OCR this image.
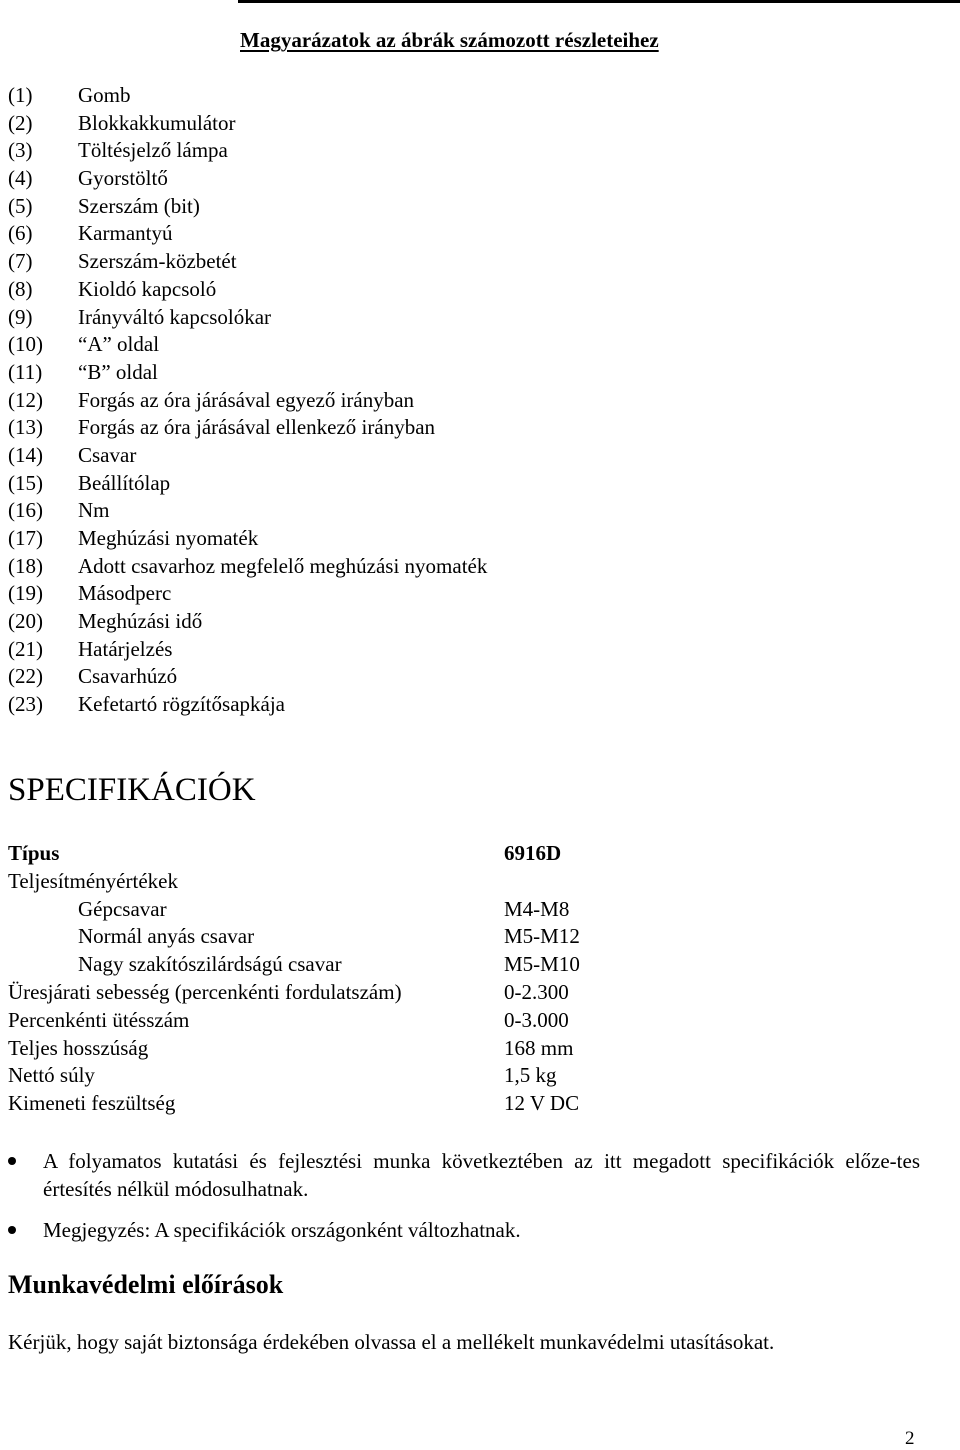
Magyarázatok az ábrák számozott részleteihez
(1) Gomb
(2) Blokkakkumulátor
(3) Töltésjelző lámpa
(4) Gyorstöltő
(5) Szerszám (bit)
(6) Karmantyú
(7) Szerszám-közbetét
(8) Kioldó kapcsoló
(9) Irányváltó kapcsolókar
(10) “A” oldal
(11) “B” oldal
(12) Forgás az óra járásával egyező irányban
(13) Forgás az óra járásával ellenkező irányban
(14) Csavar
(15) Beállítólap
(16) Nm
(17) Meghúzási nyomaték
(18) Adott csavarhoz megfelelő meghúzási nyomaték
(19) Másodperc
(20) Meghúzási idő
(21) Határjelzés
(22) Csavarhúzó
(23) Kefetartó rögzítősapkája
SPECIFIKÁCIÓK
Típus	6916D
Teljesítményértékek
Gépcsavar	M4-M8
Normál anyás csavar	M5-M12
Nagy szakítószilárdságú csavar	M5-M10
Üresjárati sebesség (percenkénti fordulatszám)	0-2.300
Percenkénti ütésszám	0-3.000
Teljes hosszúság	168 mm
Nettó súly	1,5 kg
Kimeneti feszültség	12 V DC
A folyamatos kutatási és fejlesztési munka következtében az itt megadott specifikációk előze-tes értesítés nélkül módosulhatnak.
Megjegyzés: A specifikációk országonként változhatnak.
Munkavédelmi előírások
Kérjük, hogy saját biztonsága érdekében olvassa el a mellékelt munkavédelmi utasításokat.
2
